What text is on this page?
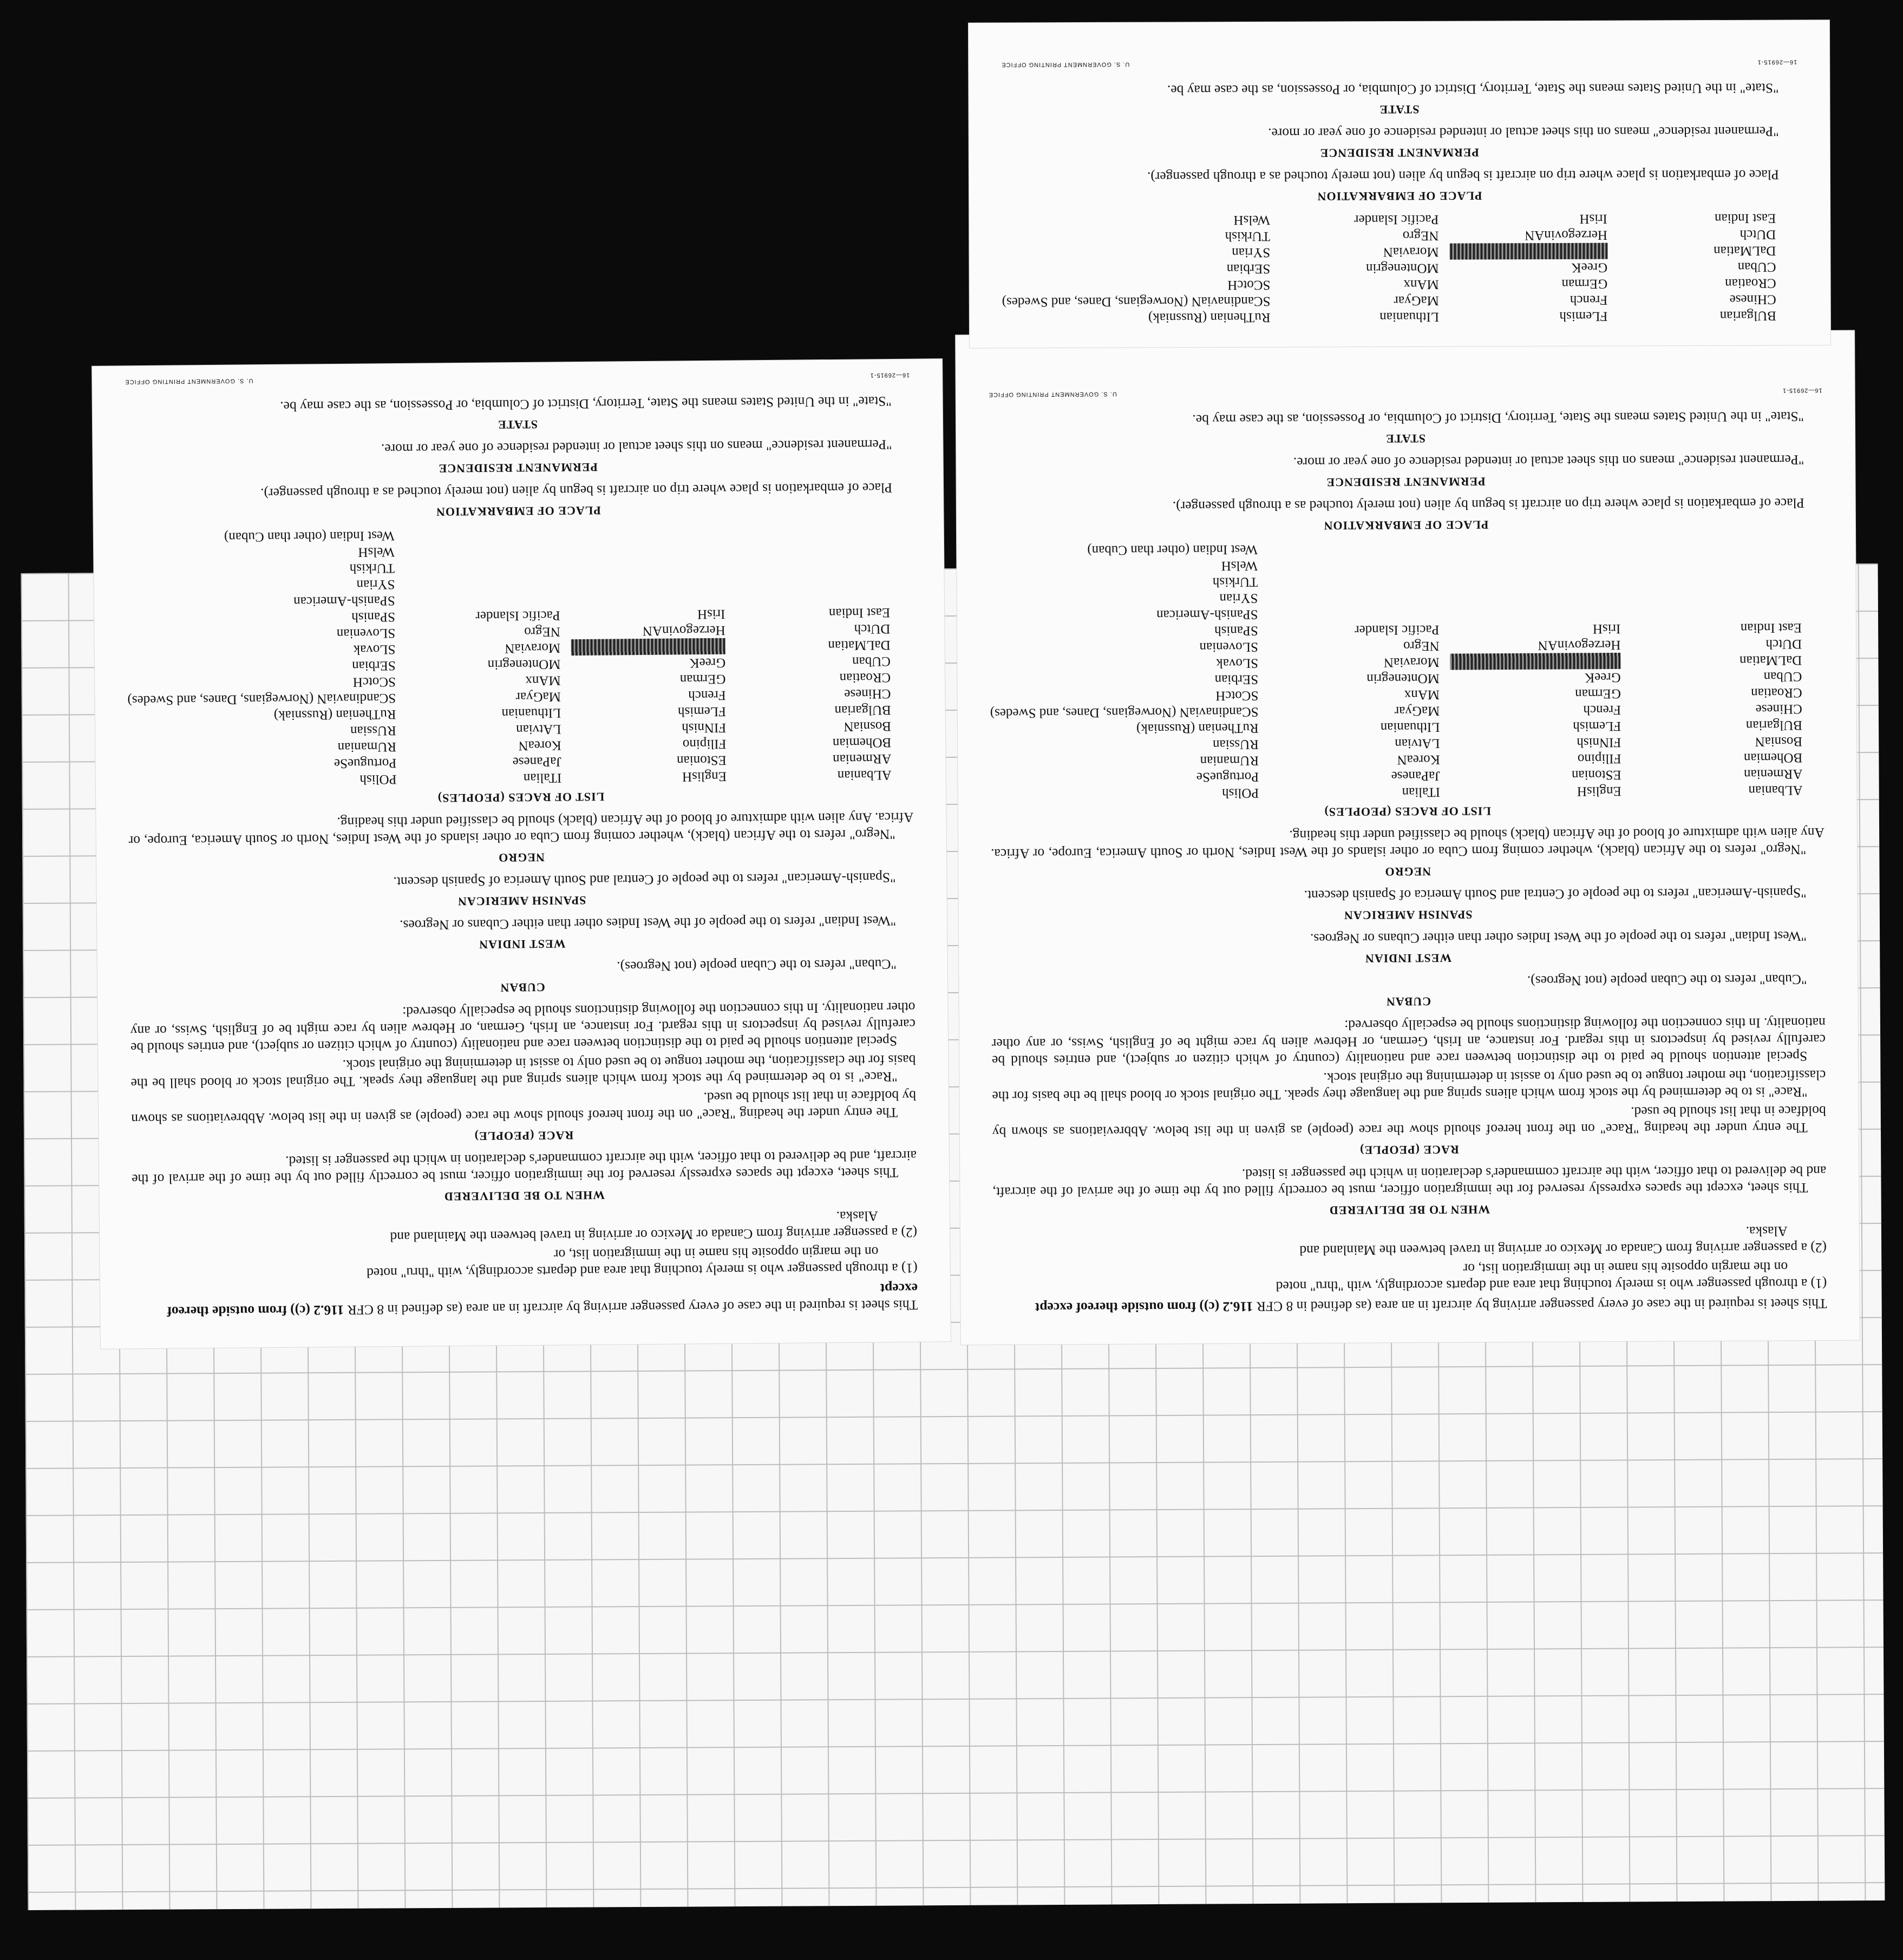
This sheet is required in the case of every passenger arriving by aircraft in an area (as defined in 8 CFR 116.2 (c)) from outside thereof except

(1) a through passenger who is merely touching that area and departs accordingly, with "thru" noted
on the margin opposite his name in the immigration list, or

(2) a passenger arriving from Canada or Mexico or arriving in travel between the Mainland and
Alaska.

WHEN TO BE DELIVERED

This sheet, except the spaces expressly reserved for the immigration officer, must be correctly filled out by the time of the arrival of the aircraft, and be delivered to that officer, with the aircraft commander's declaration in which the passenger is listed.

RACE (PEOPLE)

The entry under the heading "Race" on the front hereof should show the race (people) as given in the list below. Abbreviations as shown by boldface in that list should be used.

"Race" is to be determined by the stock from which aliens spring and the language they speak. The original stock or blood shall be the basis for the classification, the mother tongue to be used only to assist in determining the original stock.

Special attention should be paid to the distinction between race and nationality (country of which citizen or subject), and entries should be carefully revised by inspectors in this regard. For instance, an Irish, German, or Hebrew alien by race might be of English, Swiss, or any other nationality. In this connection the following distinctions should be especially observed:

CUBAN

"Cuban" refers to the Cuban people (not Negroes).

WEST INDIAN

"West Indian" refers to the people of the West Indies other than either Cubans or Negroes.

SPANISH AMERICAN

"Spanish-American" refers to the people of Central and South America of Spanish descent.

NEGRO

"Negro" refers to the African (black), whether coming from Cuba or other islands of the West Indies, North or South America, Europe, or Africa. Any alien with admixture of blood of the African (black) should be classified under this heading.

LIST OF RACES (PEOPLES)
ALbanian
ARmenian
BOhemian
BosniaN
BUlgarian
CHinese
CRoatian
CUban
DaLMatian
DUtch
East Indian
EnglisH
EStonian
FIlipino
FINnish
FLemish
French
GErman
GreeK
HerzegovinAN
IrisH
ITalian
JaPanese
KoreaN
LAtvian
LIthuanian
MaGyar
MAnx
MOntenegrin
MoraviaN
NEgro
Pacific Islander
POlish
PortugueSe
RUmanian
RUssian
RuThenian (Russniak)
SCandinaviaN (Norwegians, Danes, and Swedes)
SCotcH
SErbian
SLovak
SLovenian
SPanish
SPanish-American
SYrian
TUrkish
WelsH
West Indian (other than Cuban)
PLACE OF EMBARKATION

Place of embarkation is place where trip on aircraft is begun by alien (not merely touched as a through passenger).

PERMANENT RESIDENCE

"Permanent residence" means on this sheet actual or intended residence of one year or more.

STATE

"State" in the United States means the State, Territory, District of Columbia, or Possession, as the case may be.

16—26915-1
U. S. GOVERNMENT PRINTING OFFICE

This sheet is required in the case of every passenger arriving by aircraft in an area (as defined in 8 CFR 116.2 (c)) from outside thereof except

(1) a through passenger who is merely touching that area and departs accordingly, with "thru" noted
on the margin opposite his name in the immigration list, or

(2) a passenger arriving from Canada or Mexico or arriving in travel between the Mainland and
Alaska.

WHEN TO BE DELIVERED

This sheet, except the spaces expressly reserved for the immigration officer, must be correctly filled out by the time of the arrival of the aircraft, and be delivered to that officer, with the aircraft commander's declaration in which the passenger is listed.

RACE (PEOPLE)

The entry under the heading "Race" on the front hereof should show the race (people) as given in the list below. Abbreviations as shown by boldface in that list should be used.

"Race" is to be determined by the stock from which aliens spring and the language they speak. The original stock or blood shall be the basis for the classification, the mother tongue to be used only to assist in determining the original stock.

Special attention should be paid to the distinction between race and nationality (country of which citizen or subject), and entries should be carefully revised by inspectors in this regard. For instance, an Irish, German, or Hebrew alien by race might be of English, Swiss, or any other nationality. In this connection the following distinctions should be especially observed:

CUBAN

"Cuban" refers to the Cuban people (not Negroes).

WEST INDIAN

"West Indian" refers to the people of the West Indies other than either Cubans or Negroes.

SPANISH AMERICAN

"Spanish-American" refers to the people of Central and South America of Spanish descent.

NEGRO

"Negro" refers to the African (black), whether coming from Cuba or other islands of the West Indies, North or South America, Europe, or Africa. Any alien with admixture of blood of the African (black) should be classified under this heading.

LIST OF RACES (PEOPLES)
ALbanian
ARmenian
BOhemian
BosniaN
BUlgarian
CHinese
CRoatian
CUban
DaLMatian
DUtch
East Indian
EnglisH
EStonian
FIlipino
FINnish
FLemish
French
GErman
GreeK
HerzegovinAN
IrisH
ITalian
JaPanese
KoreaN
LAtvian
LIthuanian
MaGyar
MAnx
MOntenegrin
MoraviaN
NEgro
Pacific Islander
POlish
PortugueSe
RUmanian
RUssian
RuThenian (Russniak)
SCandinaviaN (Norwegians, Danes, and Swedes)
SCotcH
SErbian
SLovak
SLovenian
SPanish
SPanish-American
SYrian
TUrkish
WelsH
West Indian (other than Cuban)
PLACE OF EMBARKATION

Place of embarkation is place where trip on aircraft is begun by alien (not merely touched as a through passenger).

PERMANENT RESIDENCE

"Permanent residence" means on this sheet actual or intended residence of one year or more.

STATE

"State" in the United States means the State, Territory, District of Columbia, or Possession, as the case may be.

16—26915-1
U. S. GOVERNMENT PRINTING OFFICE
BUlgarian
CHinese
CRoatian
CUban
DaLMatian
DUtch
East Indian
FLemish
French
GErman
GreeK
HerzegovinAN
IrisH
LIthuanian
MaGyar
MAnx
MOntenegrin
MoraviaN
NEgro
Pacific Islander
RuThenian (Russniak)
SCandinaviaN (Norwegians, Danes, and Swedes)
SCotcH
SErbian
SYrian
TUrkish
WelsH
PLACE OF EMBARKATION

Place of embarkation is place where trip on aircraft is begun by alien (not merely touched as a through passenger).

PERMANENT RESIDENCE

"Permanent residence" means on this sheet actual or intended residence of one year or more.

STATE

"State" in the United States means the State, Territory, District of Columbia, or Possession, as the case may be.

16—26915-1
U. S. GOVERNMENT PRINTING OFFICE
